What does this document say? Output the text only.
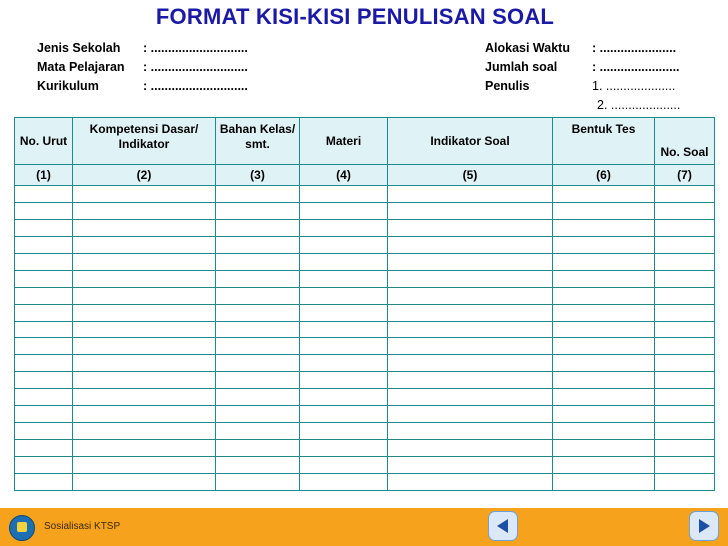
FORMAT KISI-KISI PENULISAN SOAL
Jenis Sekolah : ............................
Mata Pelajaran : ............................
Kurikulum	: ............................
Alokasi Waktu : ......................
Jumlah soal	: .......................
Penulis	1. ....................
2. ....................
No. Urut	Kompetensi Dasar/ Indikator	Bahan Kelas/ smt.	Materi	Indikator Soal	Bentuk Tes	No. Soal
(1)	(2)	(3)	(4)	(5)	(6)	(7)

Sosialisasi KTSP
